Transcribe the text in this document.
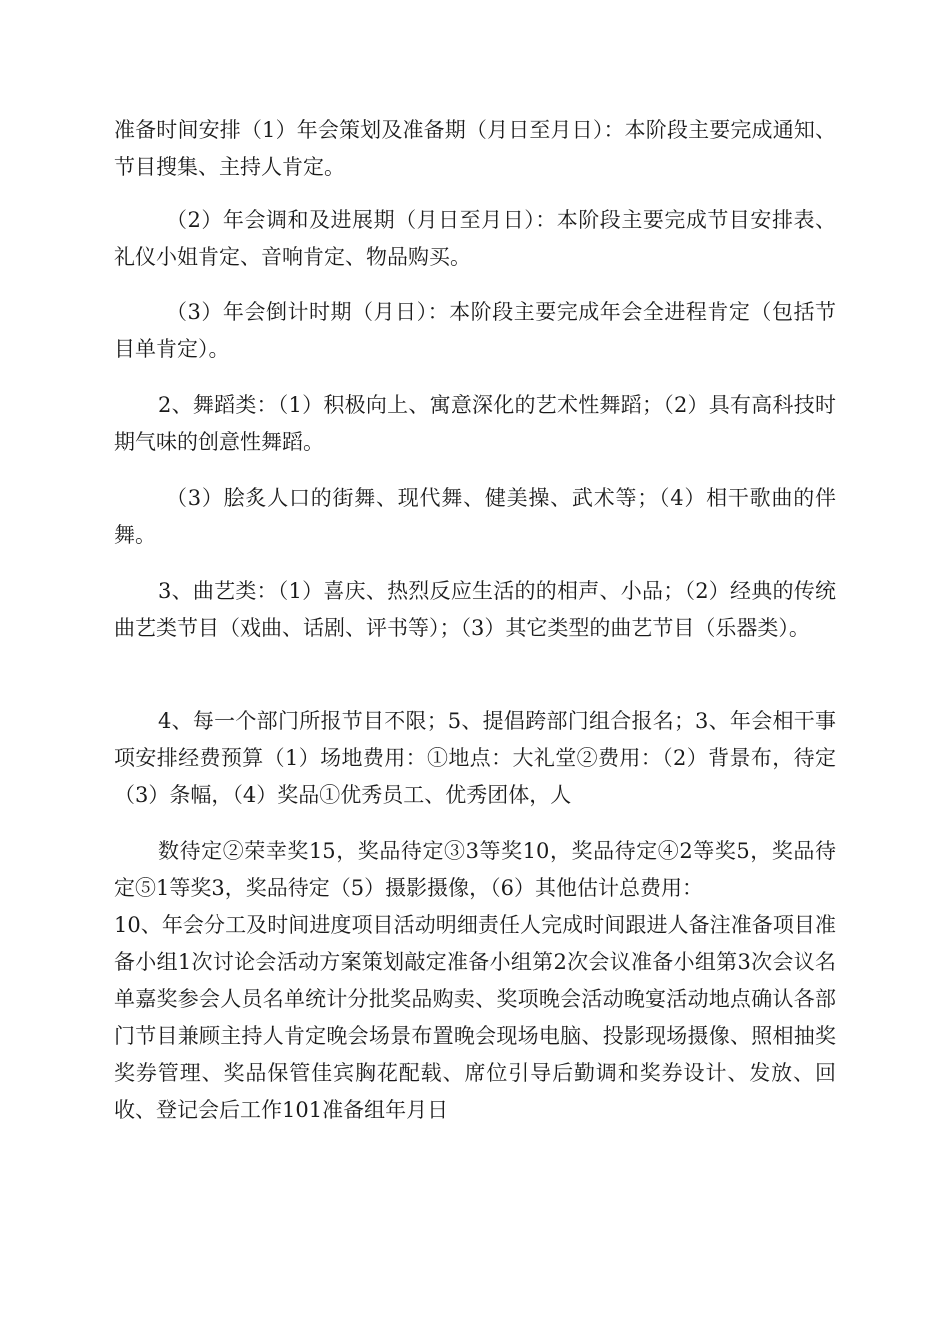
准备时间安排（1）年会策划及准备期（月日至月日）：本阶段主要完成通知、节目搜集、主持人肯定。

（2）年会调和及进展期（月日至月日）：本阶段主要完成节目安排表、礼仪小姐肯定、音响肯定、物品购买。

（3）年会倒计时期（月日）：本阶段主要完成年会全进程肯定（包括节目单肯定）。

2、舞蹈类：（1）积极向上、寓意深化的艺术性舞蹈；（2）具有高科技时期气味的创意性舞蹈。

（3）脍炙人口的街舞、现代舞、健美操、武术等；（4）相干歌曲的伴舞。

3、曲艺类：（1）喜庆、热烈反应生活的的相声、小品；（2）经典的传统曲艺类节目（戏曲、话剧、评书等）；（3）其它类型的曲艺节目（乐器类）。

4、每一个部门所报节目不限；5、提倡跨部门组合报名；3、年会相干事项安排经费预算（1）场地费用：①地点：大礼堂②费用：（2）背景布，待定（3）条幅，（4）奖品①优秀员工、优秀团体，人

数待定②荣幸奖15，奖品待定③3等奖10，奖品待定④2等奖5，奖品待定⑤1等奖3，奖品待定（5）摄影摄像，（6）其他估计总费用：

10、年会分工及时间进度项目活动明细责任人完成时间跟进人备注准备项目准备小组1次讨论会活动方案策划敲定准备小组第2次会议准备小组第3次会议名单嘉奖参会人员名单统计分批奖品购卖、奖项晚会活动晚宴活动地点确认各部门节目兼顾主持人肯定晚会场景布置晚会现场电脑、投影现场摄像、照相抽奖奖券管理、奖品保管佳宾胸花配载、席位引导后勤调和奖券设计、发放、回收、登记会后工作101准备组年月日
